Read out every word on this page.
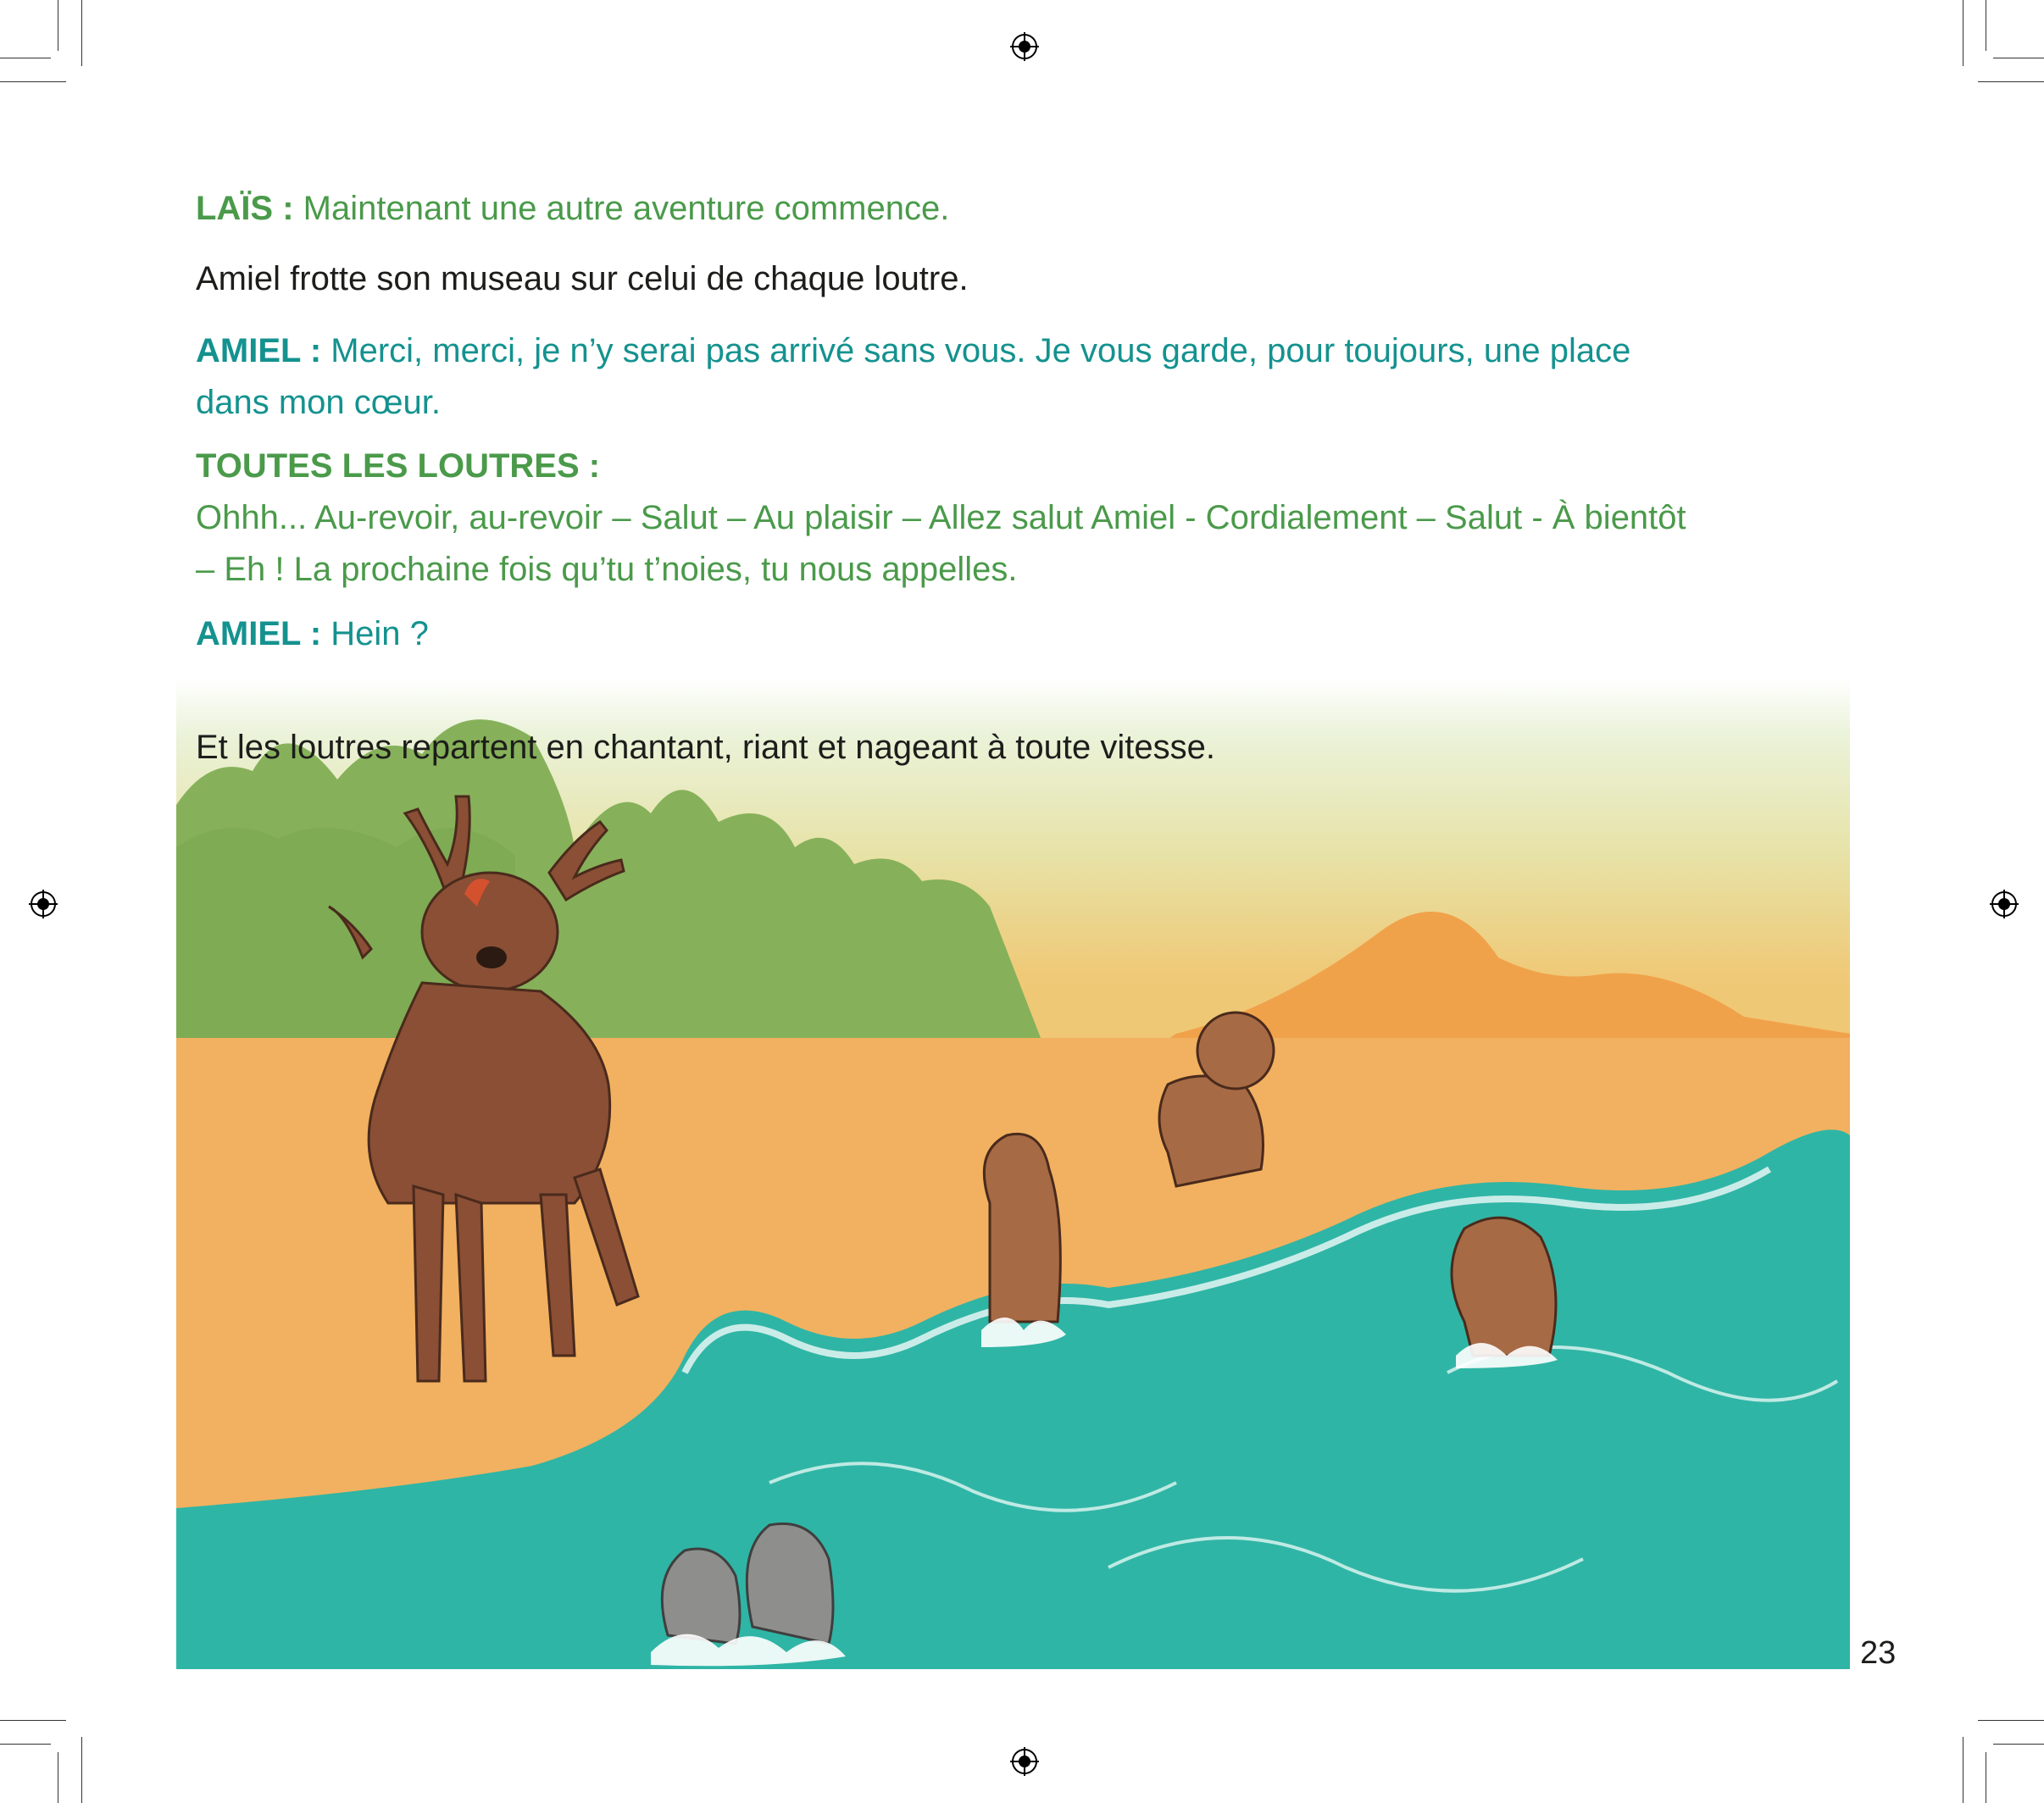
LAÏS : Maintenant une autre aventure commence.

Amiel frotte son museau sur celui de chaque loutre.

AMIEL : Merci, merci, je n’y serai pas arrivé sans vous. Je vous garde, pour toujours, une place

dans mon cœur.

TOUTES LES LOUTRES :

Ohhh... Au-revoir, au-revoir – Salut – Au plaisir – Allez salut Amiel - Cordialement – Salut - À bientôt

– Eh ! La prochaine fois qu’tu t’noies, tu nous appelles.

AMIEL : Hein ?

Et les loutres repartent en chantant, riant et nageant à toute vitesse.

23
